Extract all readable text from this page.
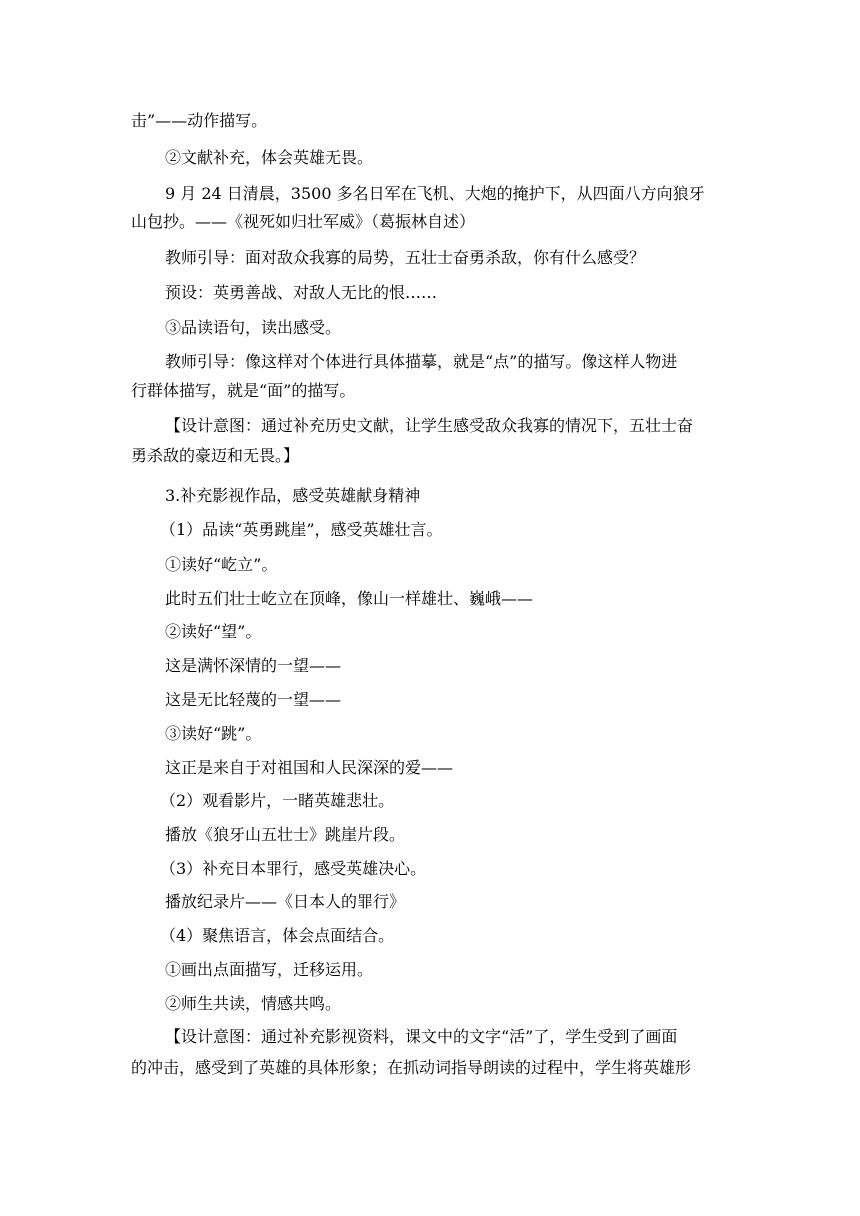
击”——动作描写。
②文献补充，体会英雄无畏。
9 月 24 日清晨，3500 多名日军在飞机、大炮的掩护下，从四面八方向狼牙
山包抄。——《视死如归壮军威》（葛振林自述）
教师引导：面对敌众我寡的局势，五壮士奋勇杀敌，你有什么感受？
预设：英勇善战、对敌人无比的恨……
③品读语句，读出感受。
教师引导：像这样对个体进行具体描摹，就是“点”的描写。像这样人物进
行群体描写，就是“面”的描写。
【设计意图：通过补充历史文献，让学生感受敌众我寡的情况下，五壮士奋
勇杀敌的豪迈和无畏。】
3.补充影视作品，感受英雄献身精神
（1）品读“英勇跳崖”，感受英雄壮言。
①读好“屹立”。
此时五们壮士屹立在顶峰，像山一样雄壮、巍峨——
②读好“望”。
这是满怀深情的一望——
这是无比轻蔑的一望——
③读好“跳”。
这正是来自于对祖国和人民深深的爱——
（2）观看影片，一睹英雄悲壮。
播放《狼牙山五壮士》跳崖片段。
（3）补充日本罪行，感受英雄决心。
播放纪录片——《日本人的罪行》
（4）聚焦语言，体会点面结合。
①画出点面描写，迁移运用。
②师生共读，情感共鸣。
【设计意图：通过补充影视资料，课文中的文字“活”了，学生受到了画面
的冲击，感受到了英雄的具体形象；在抓动词指导朗读的过程中，学生将英雄形
